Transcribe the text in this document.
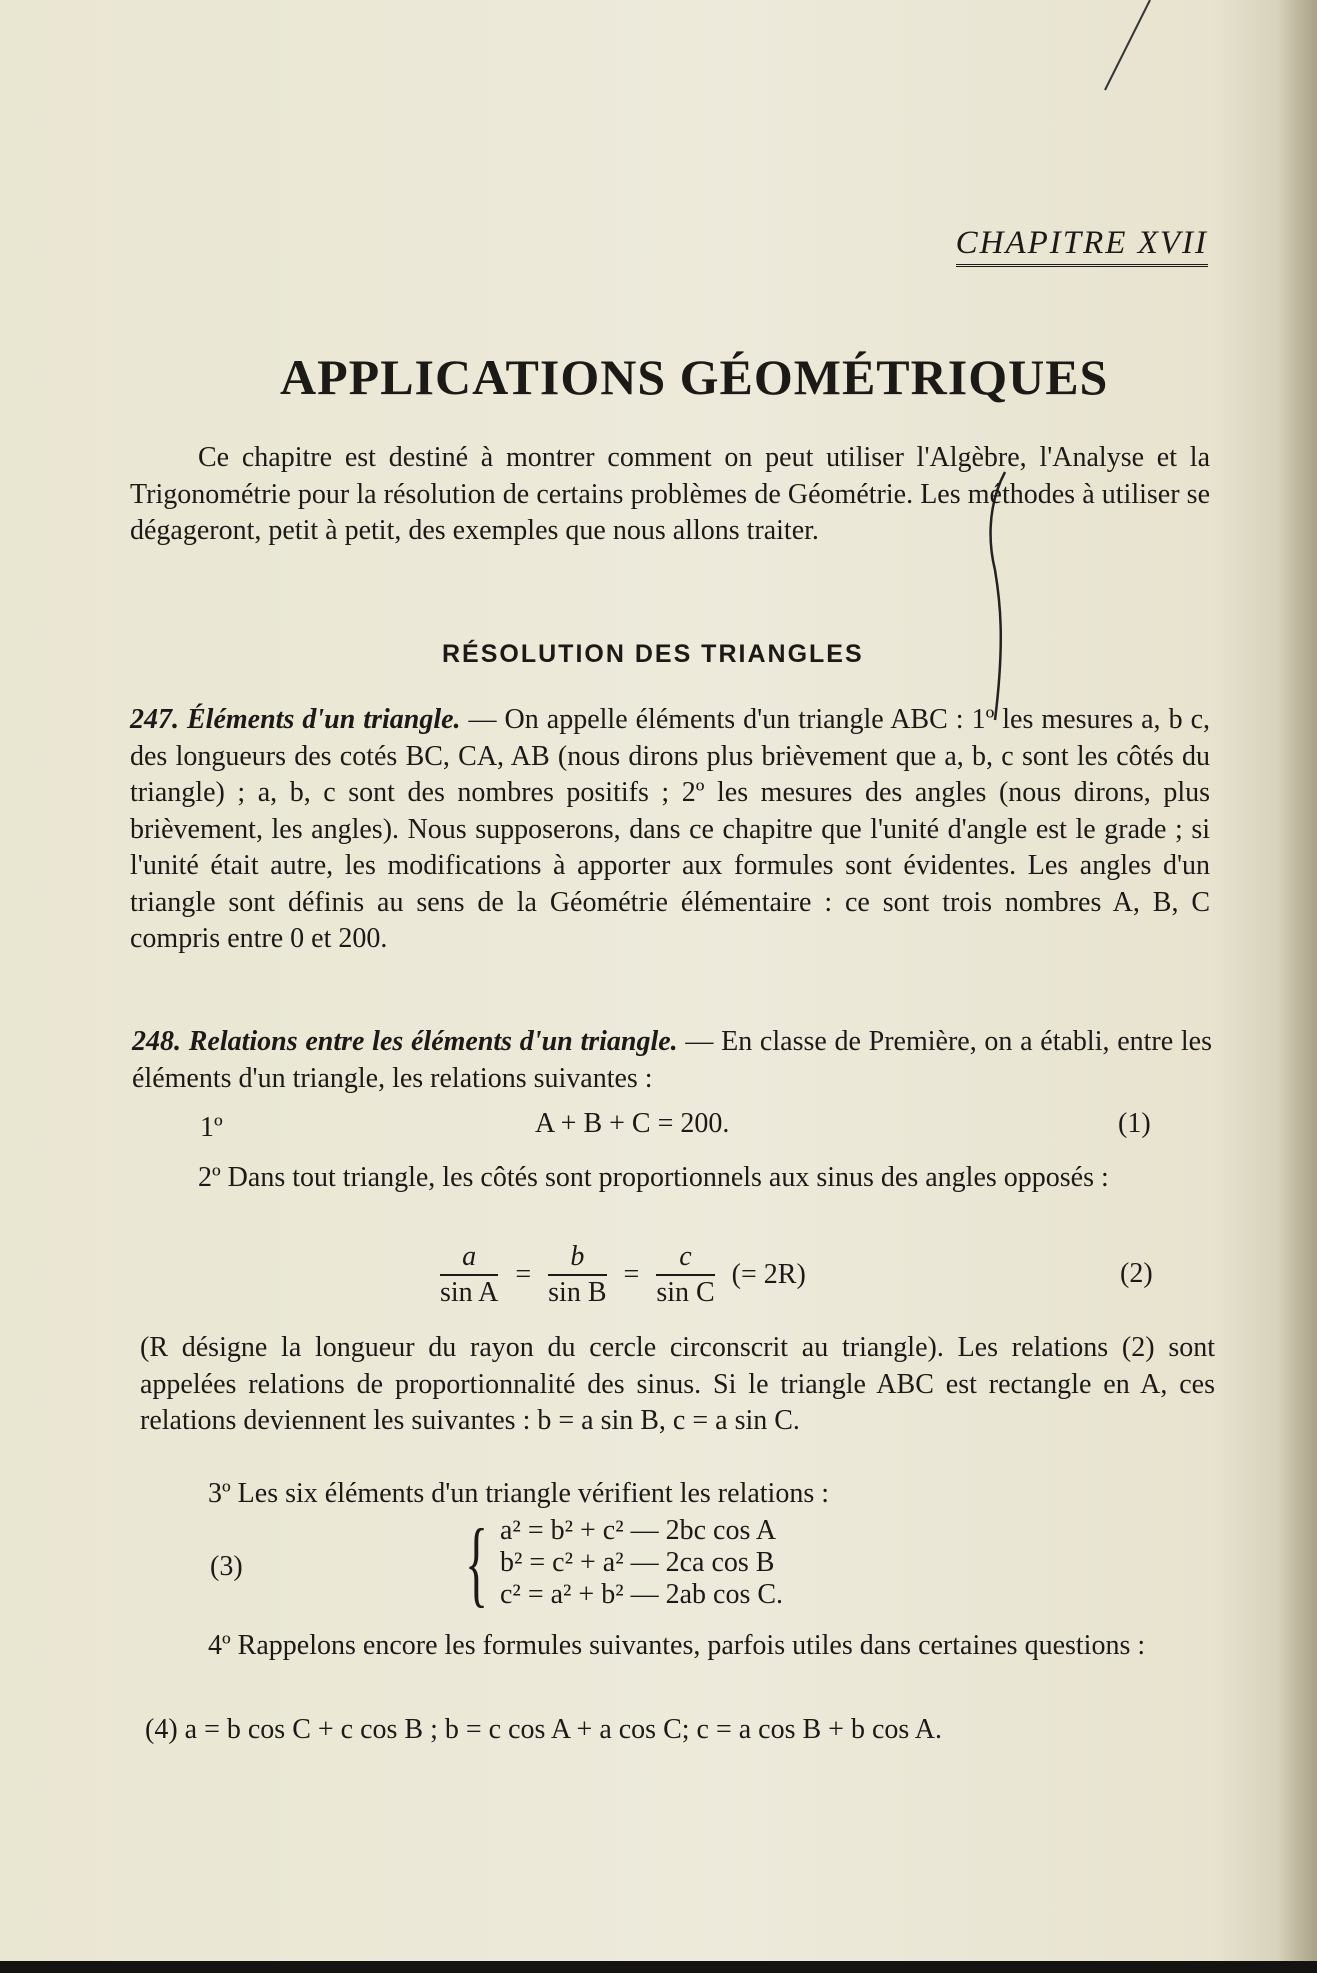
CHAPITRE XVII
APPLICATIONS GÉOMÉTRIQUES

Ce chapitre est destiné à montrer comment on peut utiliser l'Algèbre, l'Analyse et la Trigonométrie pour la résolution de certains problèmes de Géométrie. Les méthodes à utiliser se dégageront, petit à petit, des exemples que nous allons traiter.

RÉSOLUTION DES TRIANGLES

247. Éléments d'un triangle. — On appelle éléments d'un triangle ABC : 1º les mesures a, b c, des longueurs des cotés BC, CA, AB (nous dirons plus brièvement que a, b, c sont les côtés du triangle) ; a, b, c sont des nombres positifs ; 2º les mesures des angles (nous dirons, plus brièvement, les angles). Nous supposerons, dans ce chapitre que l'unité d'angle est le grade ; si l'unité était autre, les modifications à apporter aux formules sont évidentes. Les angles d'un triangle sont définis au sens de la Géométrie élémentaire : ce sont trois nombres A, B, C compris entre 0 et 200.

248. Relations entre les éléments d'un triangle. — En classe de Première, on a établi, entre les éléments d'un triangle, les relations suivantes :

1º	A + B + C = 200.	(1)

2º Dans tout triangle, les côtés sont proportionnels aux sinus des angles opposés :

$\frac{a}{\text{sin A}} = \frac{b}{\text{sin B}} = \frac{c}{\text{sin C}}$ (= 2R)	(2)

(R désigne la longueur du rayon du cercle circonscrit au triangle). Les relations (2) sont appelées relations de proportionnalité des sinus. Si le triangle ABC est rectangle en A, ces relations deviennent les suivantes : b = a sin B, c = a sin C.

3º Les six éléments d'un triangle vérifient les relations :
(3) { a² = b² + c² — 2bc cos A
b² = c² + a² — 2ca cos B
c² = a² + b² — 2ab cos C.

4º Rappelons encore les formules suivantes, parfois utiles dans certaines questions :

(4) a = b cos C + c cos B ; b = c cos A + a cos C; c = a cos B + b cos A.
